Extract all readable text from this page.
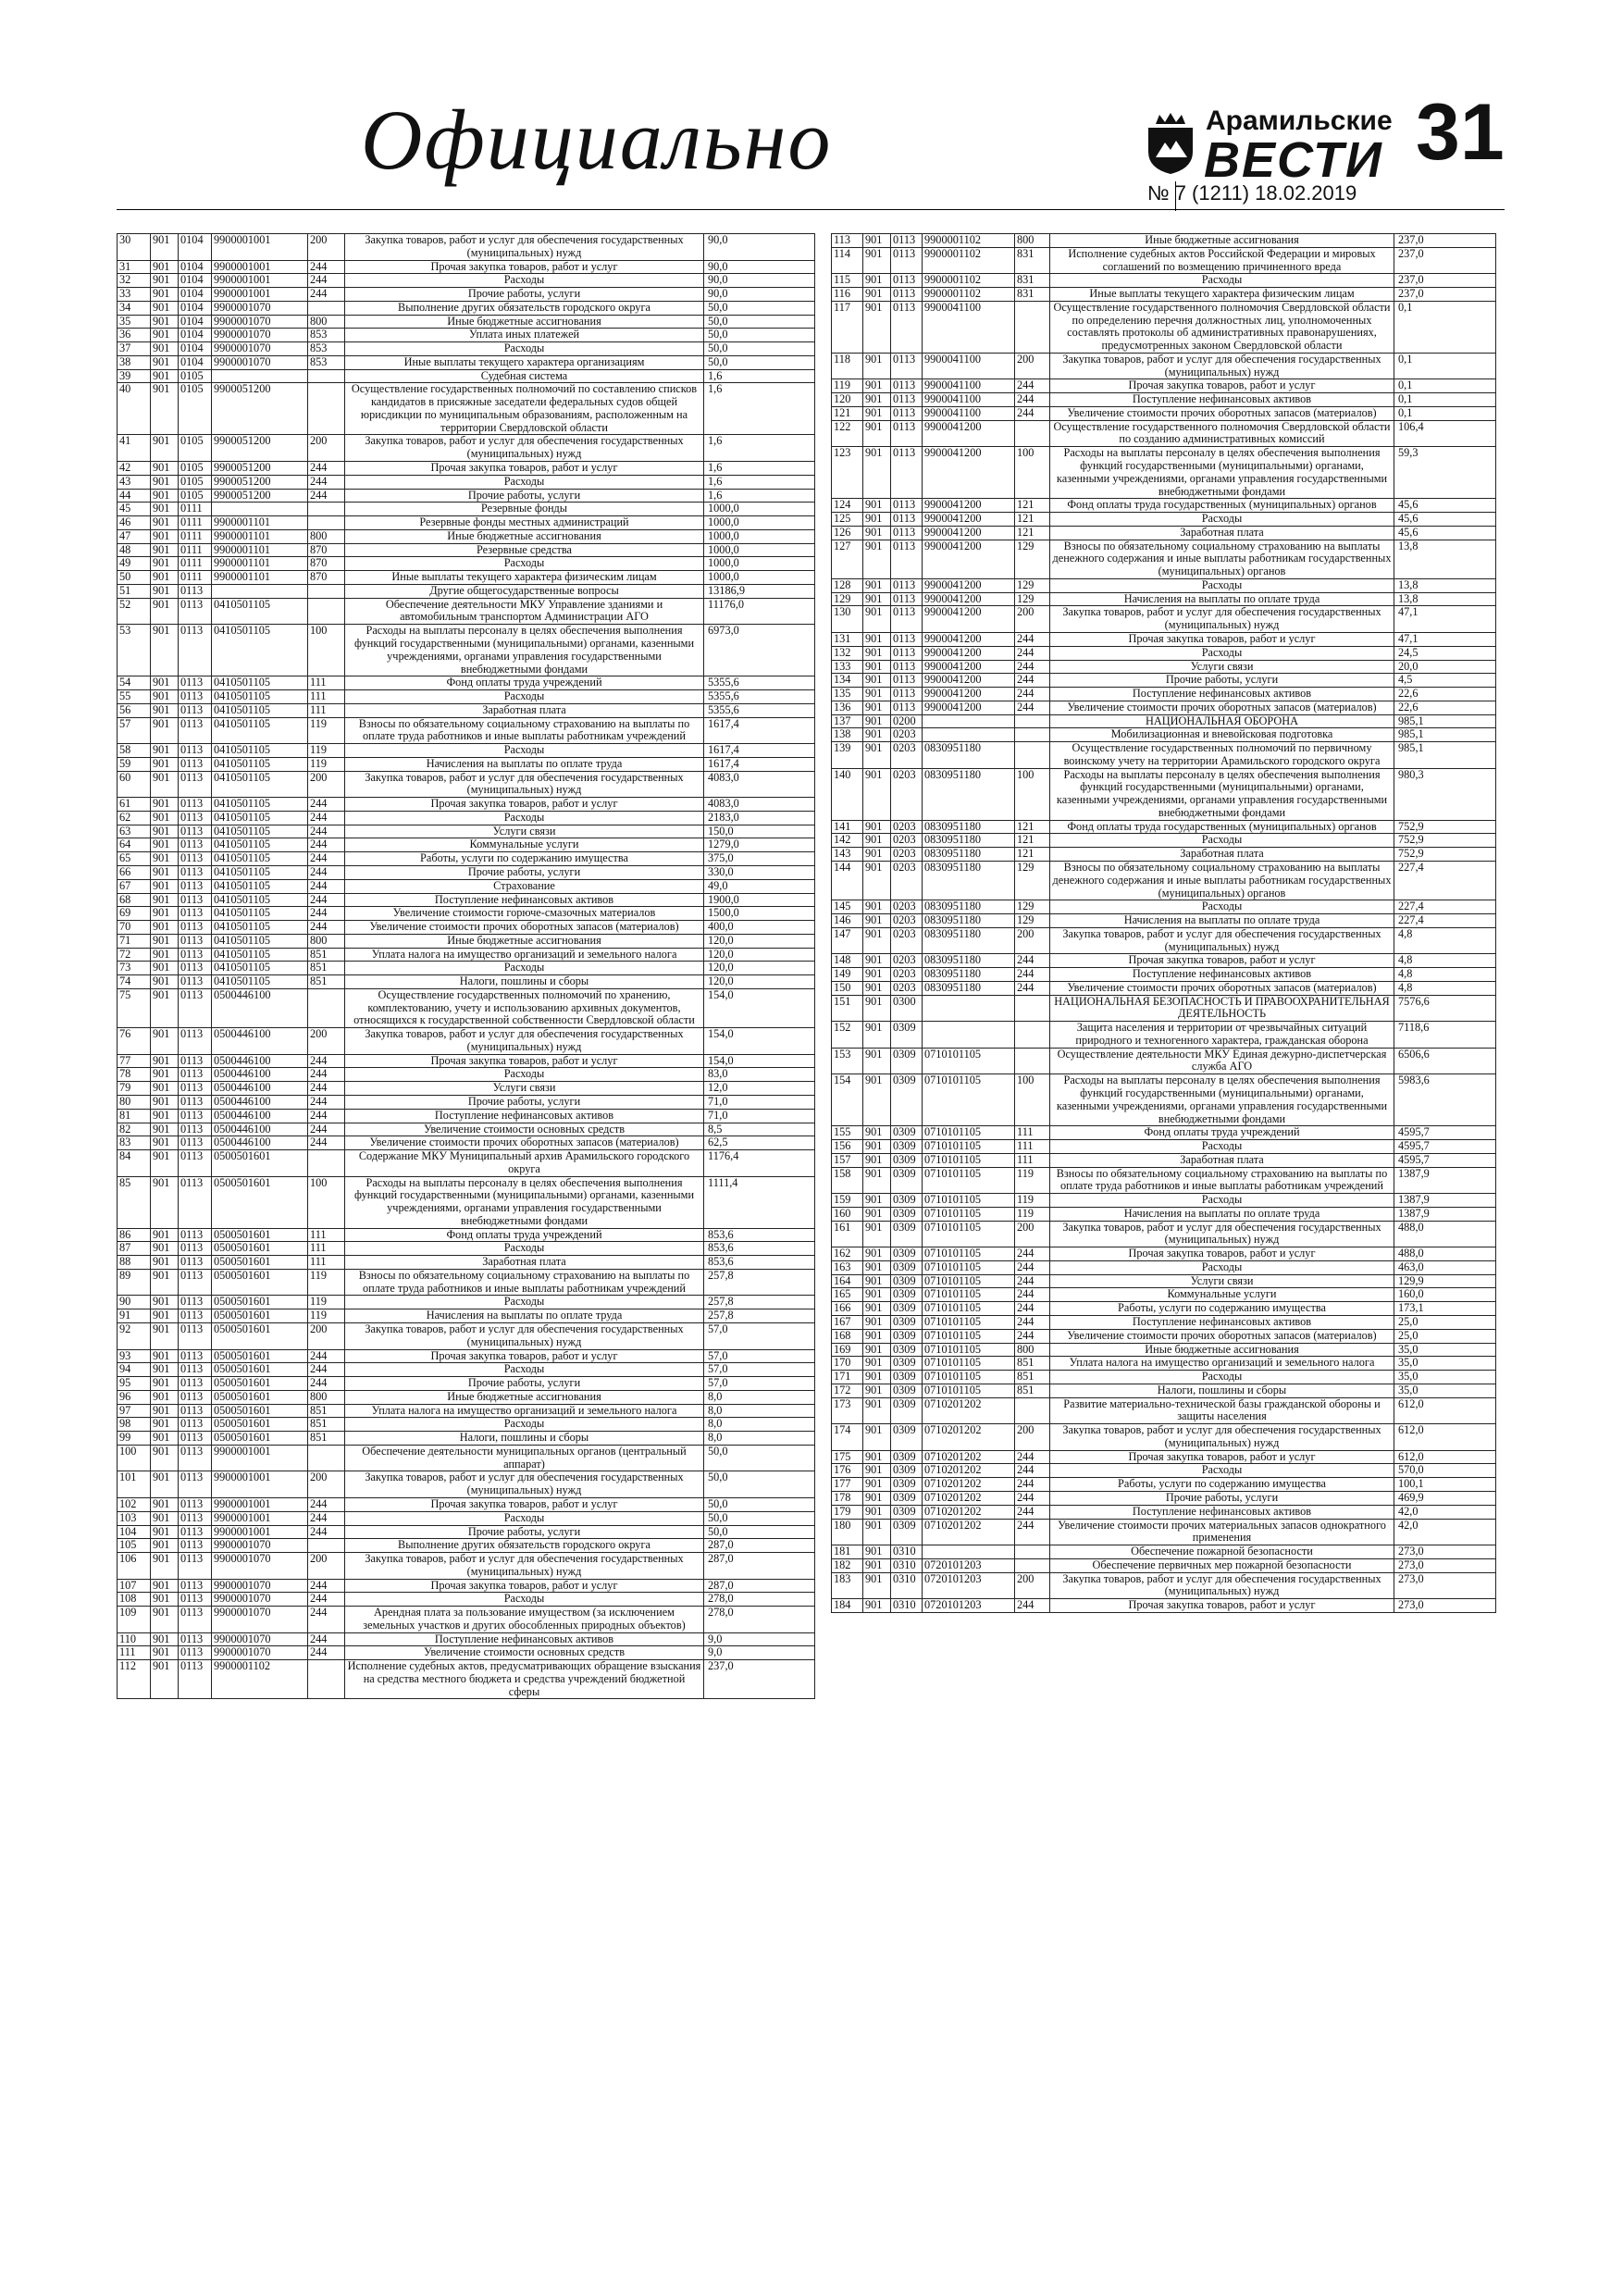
Официально	Арамильские
ВЕСТИ 31
№ 7 (1211) 18.02.2019
30	901	0104	9900001001	200	Закупка товаров, работ и услуг для обеспечения государственных (муниципальных) нужд	90,0
31	901	0104	9900001001	244	Прочая закупка товаров, работ и услуг	90,0
32	901	0104	9900001001	244	Расходы	90,0
33	901	0104	9900001001	244	Прочие работы, услуги	90,0
34	901	0104	9900001070		Выполнение других обязательств городского округа	50,0
35	901	0104	9900001070	800	Иные бюджетные ассигнования	50,0
36	901	0104	9900001070	853	Уплата иных платежей	50,0
37	901	0104	9900001070	853	Расходы	50,0
38	901	0104	9900001070	853	Иные выплаты текущего характера организациям	50,0
39	901	0105			Судебная система	1,6
40	901	0105	9900051200		Осуществление государственных полномочий по составлению списков кандидатов в присяжные заседатели федеральных судов общей юрисдикции по муниципальным образованиям, расположенным на территории Свердловской области	1,6
41	901	0105	9900051200	200	Закупка товаров, работ и услуг для обеспечения государственных (муниципальных) нужд	1,6
42	901	0105	9900051200	244	Прочая закупка товаров, работ и услуг	1,6
43	901	0105	9900051200	244	Расходы	1,6
44	901	0105	9900051200	244	Прочие работы, услуги	1,6
45	901	0111			Резервные фонды	1000,0
46	901	0111	9900001101		Резервные фонды местных администраций	1000,0
47	901	0111	9900001101	800	Иные бюджетные ассигнования	1000,0
48	901	0111	9900001101	870	Резервные средства	1000,0
49	901	0111	9900001101	870	Расходы	1000,0
50	901	0111	9900001101	870	Иные выплаты текущего характера физическим лицам	1000,0
51	901	0113			Другие общегосударственные вопросы	13186,9
52	901	0113	0410501105		Обеспечение деятельности МКУ Управление зданиями и автомобильным транспортом Администрации АГО	11176,0
53	901	0113	0410501105	100	Расходы на выплаты персоналу в целях обеспечения выполнения функций государственными (муниципальными) органами, казенными учреждениями, органами управления государственными внебюджетными фондами	6973,0
54	901	0113	0410501105	111	Фонд оплаты труда учреждений	5355,6
55	901	0113	0410501105	111	Расходы	5355,6
56	901	0113	0410501105	111	Заработная плата	5355,6
57	901	0113	0410501105	119	Взносы по обязательному социальному страхованию на выплаты по оплате труда работников и иные выплаты работникам учреждений	1617,4
58	901	0113	0410501105	119	Расходы	1617,4
59	901	0113	0410501105	119	Начисления на выплаты по оплате труда	1617,4
60	901	0113	0410501105	200	Закупка товаров, работ и услуг для обеспечения государственных (муниципальных) нужд	4083,0
61	901	0113	0410501105	244	Прочая закупка товаров, работ и услуг	4083,0
62	901	0113	0410501105	244	Расходы	2183,0
63	901	0113	0410501105	244	Услуги связи	150,0
64	901	0113	0410501105	244	Коммунальные услуги	1279,0
65	901	0113	0410501105	244	Работы, услуги по содержанию имущества	375,0
66	901	0113	0410501105	244	Прочие работы, услуги	330,0
67	901	0113	0410501105	244	Страхование	49,0
68	901	0113	0410501105	244	Поступление нефинансовых активов	1900,0
69	901	0113	0410501105	244	Увеличение стоимости горюче-смазочных материалов	1500,0
70	901	0113	0410501105	244	Увеличение стоимости прочих оборотных запасов (материалов)	400,0
71	901	0113	0410501105	800	Иные бюджетные ассигнования	120,0
72	901	0113	0410501105	851	Уплата налога на имущество организаций и земельного налога	120,0
73	901	0113	0410501105	851	Расходы	120,0
74	901	0113	0410501105	851	Налоги, пошлины и сборы	120,0
75	901	0113	0500446100		Осуществление государственных полномочий по хранению, комплектованию, учету и использованию архивных документов, относящихся к государственной собственности Свердловской области	154,0
76	901	0113	0500446100	200	Закупка товаров, работ и услуг для обеспечения государственных (муниципальных) нужд	154,0
77	901	0113	0500446100	244	Прочая закупка товаров, работ и услуг	154,0
78	901	0113	0500446100	244	Расходы	83,0
79	901	0113	0500446100	244	Услуги связи	12,0
80	901	0113	0500446100	244	Прочие работы, услуги	71,0
81	901	0113	0500446100	244	Поступление нефинансовых активов	71,0
82	901	0113	0500446100	244	Увеличение стоимости основных средств	8,5
83	901	0113	0500446100	244	Увеличение стоимости прочих оборотных запасов (материалов)	62,5
84	901	0113	0500501601		Содержание МКУ Муниципальный архив Арамильского городского округа	1176,4
85	901	0113	0500501601	100	Расходы на выплаты персоналу в целях обеспечения выполнения функций государственными (муниципальными) органами, казенными учреждениями, органами управления государственными внебюджетными фондами	1111,4
86	901	0113	0500501601	111	Фонд оплаты труда учреждений	853,6
87	901	0113	0500501601	111	Расходы	853,6
88	901	0113	0500501601	111	Заработная плата	853,6
89	901	0113	0500501601	119	Взносы по обязательному социальному страхованию на выплаты по оплате труда работников и иные выплаты работникам учреждений	257,8
90	901	0113	0500501601	119	Расходы	257,8
91	901	0113	0500501601	119	Начисления на выплаты по оплате труда	257,8
92	901	0113	0500501601	200	Закупка товаров, работ и услуг для обеспечения государственных (муниципальных) нужд	57,0
93	901	0113	0500501601	244	Прочая закупка товаров, работ и услуг	57,0
94	901	0113	0500501601	244	Расходы	57,0
95	901	0113	0500501601	244	Прочие работы, услуги	57,0
96	901	0113	0500501601	800	Иные бюджетные ассигнования	8,0
97	901	0113	0500501601	851	Уплата налога на имущество организаций и земельного налога	8,0
98	901	0113	0500501601	851	Расходы	8,0
99	901	0113	0500501601	851	Налоги, пошлины и сборы	8,0
100	901	0113	9900001001		Обеспечение деятельности муниципальных органов (центральный аппарат)	50,0
101	901	0113	9900001001	200	Закупка товаров, работ и услуг для обеспечения государственных (муниципальных) нужд	50,0
102	901	0113	9900001001	244	Прочая закупка товаров, работ и услуг	50,0
103	901	0113	9900001001	244	Расходы	50,0
104	901	0113	9900001001	244	Прочие работы, услуги	50,0
105	901	0113	9900001070		Выполнение других обязательств городского округа	287,0
106	901	0113	9900001070	200	Закупка товаров, работ и услуг для обеспечения государственных (муниципальных) нужд	287,0
107	901	0113	9900001070	244	Прочая закупка товаров, работ и услуг	287,0
108	901	0113	9900001070	244	Расходы	278,0
109	901	0113	9900001070	244	Арендная плата за пользование имуществом (за исключением земельных участков и других обособленных природных объектов)	278,0
110	901	0113	9900001070	244	Поступление нефинансовых активов	9,0
111	901	0113	9900001070	244	Увеличение стоимости основных средств	9,0
112	901	0113	9900001102		Исполнение судебных актов, предусматривающих обращение взыскания на средства местного бюджета и средства учреждений бюджетной сферы	237,0
113	901	0113	9900001102	800	Иные бюджетные ассигнования	237,0
114	901	0113	9900001102	831	Исполнение судебных актов Российской Федерации и мировых соглашений по возмещению причиненного вреда	237,0
115	901	0113	9900001102	831	Расходы	237,0
116	901	0113	9900001102	831	Иные выплаты текущего характера физическим лицам	237,0
117	901	0113	9900041100		Осуществление государственного полномочия Свердловской области по определению перечня должностных лиц, уполномоченных составлять протоколы об административных правонарушениях, предусмотренных законом Свердловской области	0,1
118	901	0113	9900041100	200	Закупка товаров, работ и услуг для обеспечения государственных (муниципальных) нужд	0,1
119	901	0113	9900041100	244	Прочая закупка товаров, работ и услуг	0,1
120	901	0113	9900041100	244	Поступление нефинансовых активов	0,1
121	901	0113	9900041100	244	Увеличение стоимости прочих оборотных запасов (материалов)	0,1
122	901	0113	9900041200		Осуществление государственного полномочия Свердловской области по созданию административных комиссий	106,4
123	901	0113	9900041200	100	Расходы на выплаты персоналу в целях обеспечения выполнения функций государственными (муниципальными) органами, казенными учреждениями, органами управления государственными внебюджетными фондами	59,3
124	901	0113	9900041200	121	Фонд оплаты труда государственных (муниципальных) органов	45,6
125	901	0113	9900041200	121	Расходы	45,6
126	901	0113	9900041200	121	Заработная плата	45,6
127	901	0113	9900041200	129	Взносы по обязательному социальному страхованию на выплаты денежного содержания и иные выплаты работникам государственных (муниципальных) органов	13,8
128	901	0113	9900041200	129	Расходы	13,8
129	901	0113	9900041200	129	Начисления на выплаты по оплате труда	13,8
130	901	0113	9900041200	200	Закупка товаров, работ и услуг для обеспечения государственных (муниципальных) нужд	47,1
131	901	0113	9900041200	244	Прочая закупка товаров, работ и услуг	47,1
132	901	0113	9900041200	244	Расходы	24,5
133	901	0113	9900041200	244	Услуги связи	20,0
134	901	0113	9900041200	244	Прочие работы, услуги	4,5
135	901	0113	9900041200	244	Поступление нефинансовых активов	22,6
136	901	0113	9900041200	244	Увеличение стоимости прочих оборотных запасов (материалов)	22,6
137	901	0200			НАЦИОНАЛЬНАЯ ОБОРОНА	985,1
138	901	0203			Мобилизационная и вневойсковая подготовка	985,1
139	901	0203	0830951180		Осуществление государственных полномочий по первичному воинскому учету на территории Арамильского городского округа	985,1
140	901	0203	0830951180	100	Расходы на выплаты персоналу в целях обеспечения выполнения функций государственными (муниципальными) органами, казенными учреждениями, органами управления государственными внебюджетными фондами	980,3
141	901	0203	0830951180	121	Фонд оплаты труда государственных (муниципальных) органов	752,9
142	901	0203	0830951180	121	Расходы	752,9
143	901	0203	0830951180	121	Заработная плата	752,9
144	901	0203	0830951180	129	Взносы по обязательному социальному страхованию на выплаты денежного содержания и иные выплаты работникам государственных (муниципальных) органов	227,4
145	901	0203	0830951180	129	Расходы	227,4
146	901	0203	0830951180	129	Начисления на выплаты по оплате труда	227,4
147	901	0203	0830951180	200	Закупка товаров, работ и услуг для обеспечения государственных (муниципальных) нужд	4,8
148	901	0203	0830951180	244	Прочая закупка товаров, работ и услуг	4,8
149	901	0203	0830951180	244	Поступление нефинансовых активов	4,8
150	901	0203	0830951180	244	Увеличение стоимости прочих оборотных запасов (материалов)	4,8
151	901	0300			НАЦИОНАЛЬНАЯ БЕЗОПАСНОСТЬ И ПРАВООХРАНИТЕЛЬНАЯ ДЕЯТЕЛЬНОСТЬ	7576,6
152	901	0309			Защита населения и территории от чрезвычайных ситуаций природного и техногенного характера, гражданская оборона	7118,6
153	901	0309	0710101105		Осуществление деятельности МКУ Единая дежурно-диспетчерская служба АГО	6506,6
154	901	0309	0710101105	100	Расходы на выплаты персоналу в целях обеспечения выполнения функций государственными (муниципальными) органами, казенными учреждениями, органами управления государственными внебюджетными фондами	5983,6
155	901	0309	0710101105	111	Фонд оплаты труда учреждений	4595,7
156	901	0309	0710101105	111	Расходы	4595,7
157	901	0309	0710101105	111	Заработная плата	4595,7
158	901	0309	0710101105	119	Взносы по обязательному социальному страхованию на выплаты по оплате труда работников и иные выплаты работникам учреждений	1387,9
159	901	0309	0710101105	119	Расходы	1387,9
160	901	0309	0710101105	119	Начисления на выплаты по оплате труда	1387,9
161	901	0309	0710101105	200	Закупка товаров, работ и услуг для обеспечения государственных (муниципальных) нужд	488,0
162	901	0309	0710101105	244	Прочая закупка товаров, работ и услуг	488,0
163	901	0309	0710101105	244	Расходы	463,0
164	901	0309	0710101105	244	Услуги связи	129,9
165	901	0309	0710101105	244	Коммунальные услуги	160,0
166	901	0309	0710101105	244	Работы, услуги по содержанию имущества	173,1
167	901	0309	0710101105	244	Поступление нефинансовых активов	25,0
168	901	0309	0710101105	244	Увеличение стоимости прочих оборотных запасов (материалов)	25,0
169	901	0309	0710101105	800	Иные бюджетные ассигнования	35,0
170	901	0309	0710101105	851	Уплата налога на имущество организаций и земельного налога	35,0
171	901	0309	0710101105	851	Расходы	35,0
172	901	0309	0710101105	851	Налоги, пошлины и сборы	35,0
173	901	0309	0710201202		Развитие материально-технической базы гражданской обороны и защиты населения	612,0
174	901	0309	0710201202	200	Закупка товаров, работ и услуг для обеспечения государственных (муниципальных) нужд	612,0
175	901	0309	0710201202	244	Прочая закупка товаров, работ и услуг	612,0
176	901	0309	0710201202	244	Расходы	570,0
177	901	0309	0710201202	244	Работы, услуги по содержанию имущества	100,1
178	901	0309	0710201202	244	Прочие работы, услуги	469,9
179	901	0309	0710201202	244	Поступление нефинансовых активов	42,0
180	901	0309	0710201202	244	Увеличение стоимости прочих материальных запасов однократного применения	42,0
181	901	0310			Обеспечение пожарной безопасности	273,0
182	901	0310	0720101203		Обеспечение первичных мер пожарной безопасности	273,0
183	901	0310	0720101203	200	Закупка товаров, работ и услуг для обеспечения государственных (муниципальных) нужд	273,0
184	901	0310	0720101203	244	Прочая закупка товаров, работ и услуг	273,0
